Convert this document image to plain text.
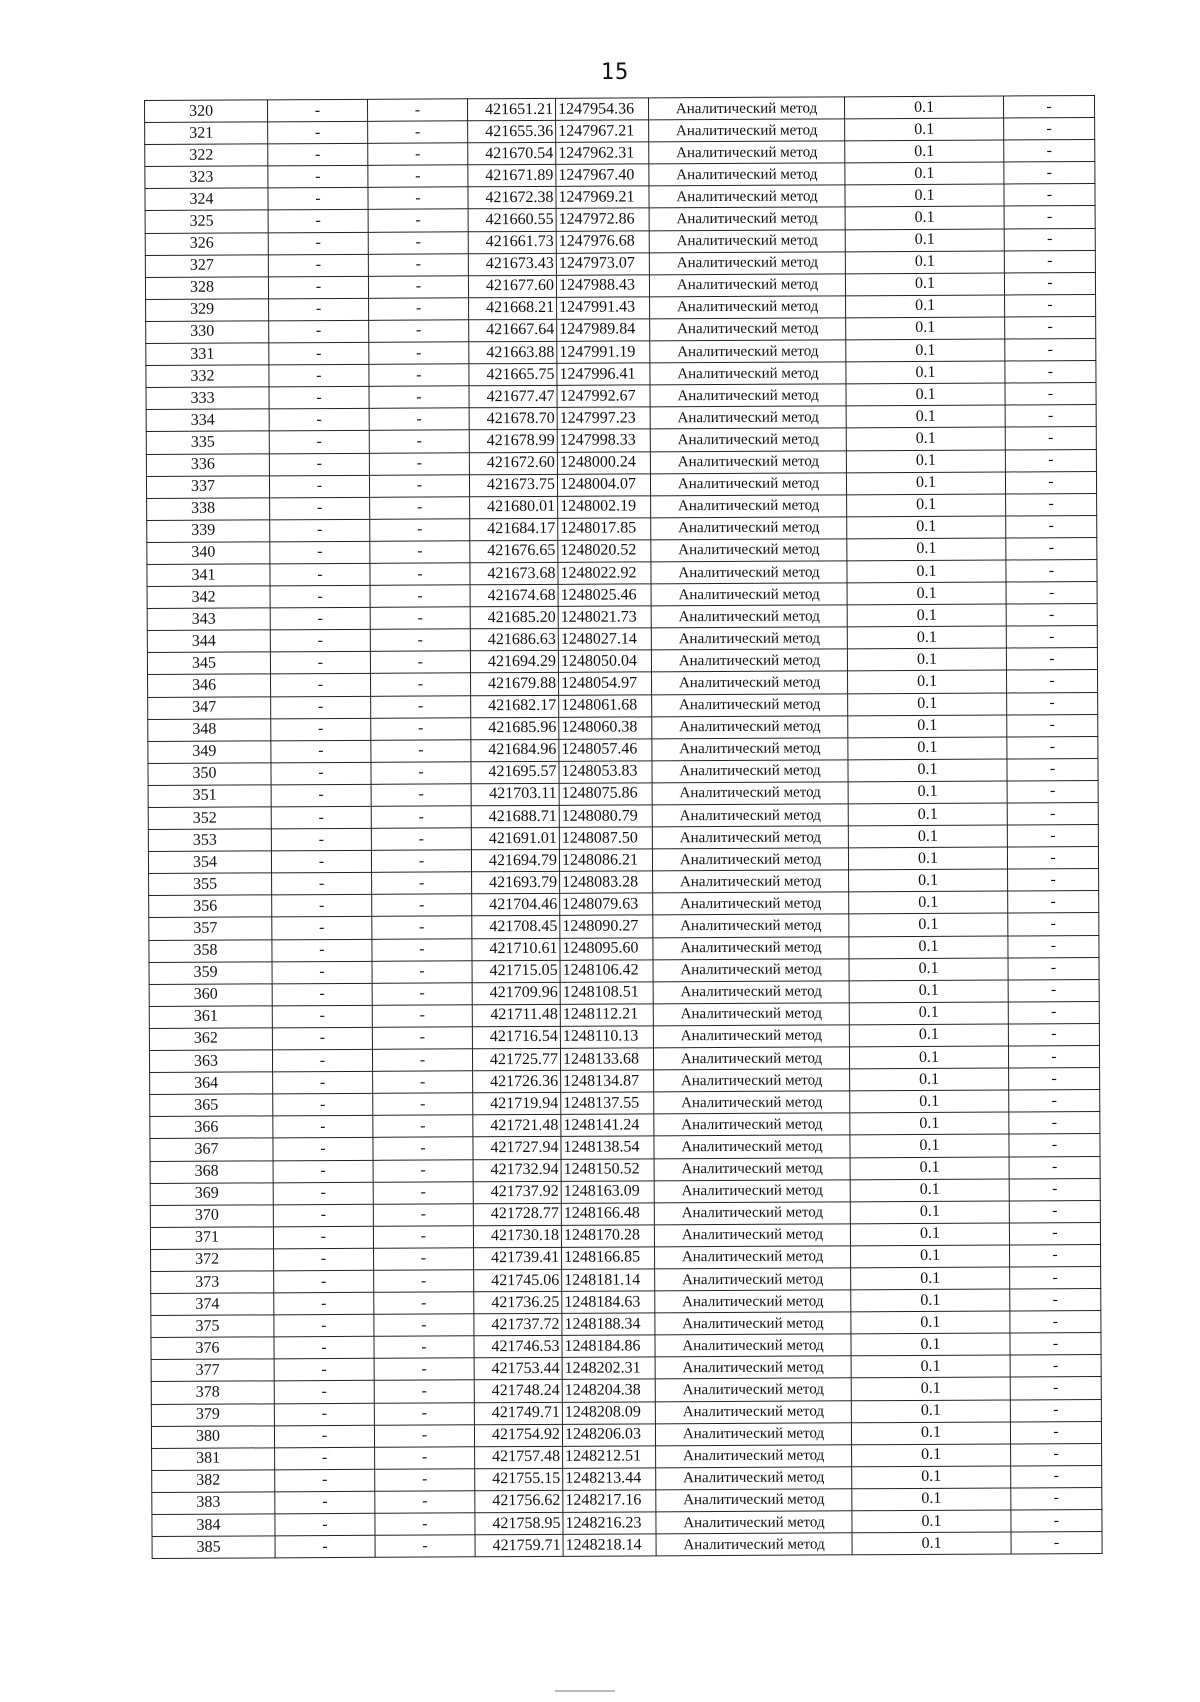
15
320	-	-	421651.21	1247954.36	Аналитический метод	0.1	-
321	-	-	421655.36	1247967.21	Аналитический метод	0.1	-
322	-	-	421670.54	1247962.31	Аналитический метод	0.1	-
323	-	-	421671.89	1247967.40	Аналитический метод	0.1	-
324	-	-	421672.38	1247969.21	Аналитический метод	0.1	-
325	-	-	421660.55	1247972.86	Аналитический метод	0.1	-
326	-	-	421661.73	1247976.68	Аналитический метод	0.1	-
327	-	-	421673.43	1247973.07	Аналитический метод	0.1	-
328	-	-	421677.60	1247988.43	Аналитический метод	0.1	-
329	-	-	421668.21	1247991.43	Аналитический метод	0.1	-
330	-	-	421667.64	1247989.84	Аналитический метод	0.1	-
331	-	-	421663.88	1247991.19	Аналитический метод	0.1	-
332	-	-	421665.75	1247996.41	Аналитический метод	0.1	-
333	-	-	421677.47	1247992.67	Аналитический метод	0.1	-
334	-	-	421678.70	1247997.23	Аналитический метод	0.1	-
335	-	-	421678.99	1247998.33	Аналитический метод	0.1	-
336	-	-	421672.60	1248000.24	Аналитический метод	0.1	-
337	-	-	421673.75	1248004.07	Аналитический метод	0.1	-
338	-	-	421680.01	1248002.19	Аналитический метод	0.1	-
339	-	-	421684.17	1248017.85	Аналитический метод	0.1	-
340	-	-	421676.65	1248020.52	Аналитический метод	0.1	-
341	-	-	421673.68	1248022.92	Аналитический метод	0.1	-
342	-	-	421674.68	1248025.46	Аналитический метод	0.1	-
343	-	-	421685.20	1248021.73	Аналитический метод	0.1	-
344	-	-	421686.63	1248027.14	Аналитический метод	0.1	-
345	-	-	421694.29	1248050.04	Аналитический метод	0.1	-
346	-	-	421679.88	1248054.97	Аналитический метод	0.1	-
347	-	-	421682.17	1248061.68	Аналитический метод	0.1	-
348	-	-	421685.96	1248060.38	Аналитический метод	0.1	-
349	-	-	421684.96	1248057.46	Аналитический метод	0.1	-
350	-	-	421695.57	1248053.83	Аналитический метод	0.1	-
351	-	-	421703.11	1248075.86	Аналитический метод	0.1	-
352	-	-	421688.71	1248080.79	Аналитический метод	0.1	-
353	-	-	421691.01	1248087.50	Аналитический метод	0.1	-
354	-	-	421694.79	1248086.21	Аналитический метод	0.1	-
355	-	-	421693.79	1248083.28	Аналитический метод	0.1	-
356	-	-	421704.46	1248079.63	Аналитический метод	0.1	-
357	-	-	421708.45	1248090.27	Аналитический метод	0.1	-
358	-	-	421710.61	1248095.60	Аналитический метод	0.1	-
359	-	-	421715.05	1248106.42	Аналитический метод	0.1	-
360	-	-	421709.96	1248108.51	Аналитический метод	0.1	-
361	-	-	421711.48	1248112.21	Аналитический метод	0.1	-
362	-	-	421716.54	1248110.13	Аналитический метод	0.1	-
363	-	-	421725.77	1248133.68	Аналитический метод	0.1	-
364	-	-	421726.36	1248134.87	Аналитический метод	0.1	-
365	-	-	421719.94	1248137.55	Аналитический метод	0.1	-
366	-	-	421721.48	1248141.24	Аналитический метод	0.1	-
367	-	-	421727.94	1248138.54	Аналитический метод	0.1	-
368	-	-	421732.94	1248150.52	Аналитический метод	0.1	-
369	-	-	421737.92	1248163.09	Аналитический метод	0.1	-
370	-	-	421728.77	1248166.48	Аналитический метод	0.1	-
371	-	-	421730.18	1248170.28	Аналитический метод	0.1	-
372	-	-	421739.41	1248166.85	Аналитический метод	0.1	-
373	-	-	421745.06	1248181.14	Аналитический метод	0.1	-
374	-	-	421736.25	1248184.63	Аналитический метод	0.1	-
375	-	-	421737.72	1248188.34	Аналитический метод	0.1	-
376	-	-	421746.53	1248184.86	Аналитический метод	0.1	-
377	-	-	421753.44	1248202.31	Аналитический метод	0.1	-
378	-	-	421748.24	1248204.38	Аналитический метод	0.1	-
379	-	-	421749.71	1248208.09	Аналитический метод	0.1	-
380	-	-	421754.92	1248206.03	Аналитический метод	0.1	-
381	-	-	421757.48	1248212.51	Аналитический метод	0.1	-
382	-	-	421755.15	1248213.44	Аналитический метод	0.1	-
383	-	-	421756.62	1248217.16	Аналитический метод	0.1	-
384	-	-	421758.95	1248216.23	Аналитический метод	0.1	-
385	-	-	421759.71	1248218.14	Аналитический метод	0.1	-
